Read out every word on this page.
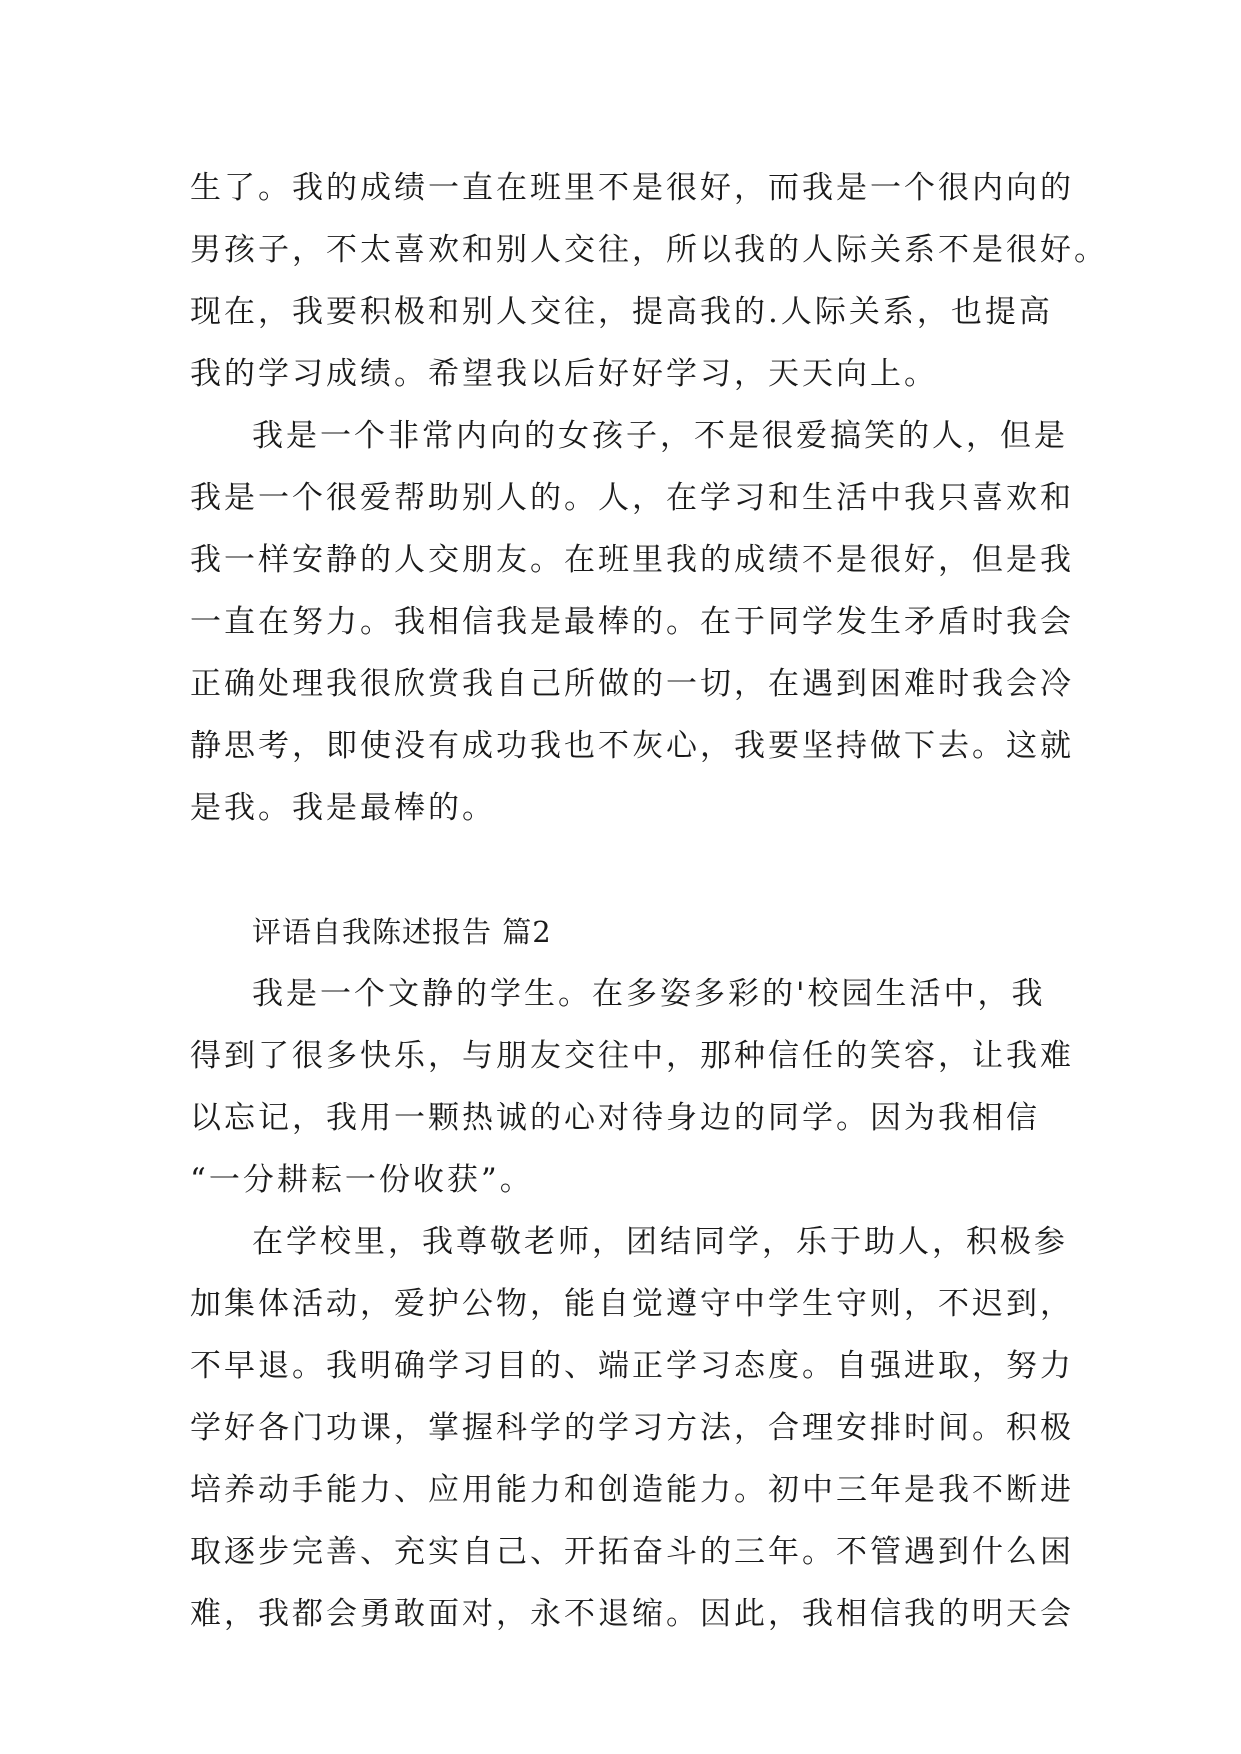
生了。我的成绩一直在班里不是很好，而我是一个很内向的
男孩子，不太喜欢和别人交往，所以我的人际关系不是很好。
现在，我要积极和别人交往，提高我的.人际关系，也提高
我的学习成绩。希望我以后好好学习，天天向上。
我是一个非常内向的女孩子，不是很爱搞笑的人，但是
我是一个很爱帮助别人的。人，在学习和生活中我只喜欢和
我一样安静的人交朋友。在班里我的成绩不是很好，但是我
一直在努力。我相信我是最棒的。在于同学发生矛盾时我会
正确处理我很欣赏我自己所做的一切，在遇到困难时我会冷
静思考，即使没有成功我也不灰心，我要坚持做下去。这就
是我。我是最棒的。
评语自我陈述报告 篇2
我是一个文静的学生。在多姿多彩的'校园生活中，我
得到了很多快乐，与朋友交往中，那种信任的笑容，让我难
以忘记，我用一颗热诚的心对待身边的同学。因为我相信
“一分耕耘一份收获”。
在学校里，我尊敬老师，团结同学，乐于助人，积极参
加集体活动，爱护公物，能自觉遵守中学生守则，不迟到，
不早退。我明确学习目的、端正学习态度。自强进取，努力
学好各门功课，掌握科学的学习方法，合理安排时间。积极
培养动手能力、应用能力和创造能力。初中三年是我不断进
取逐步完善、充实自己、开拓奋斗的三年。不管遇到什么困
难，我都会勇敢面对，永不退缩。因此，我相信我的明天会
